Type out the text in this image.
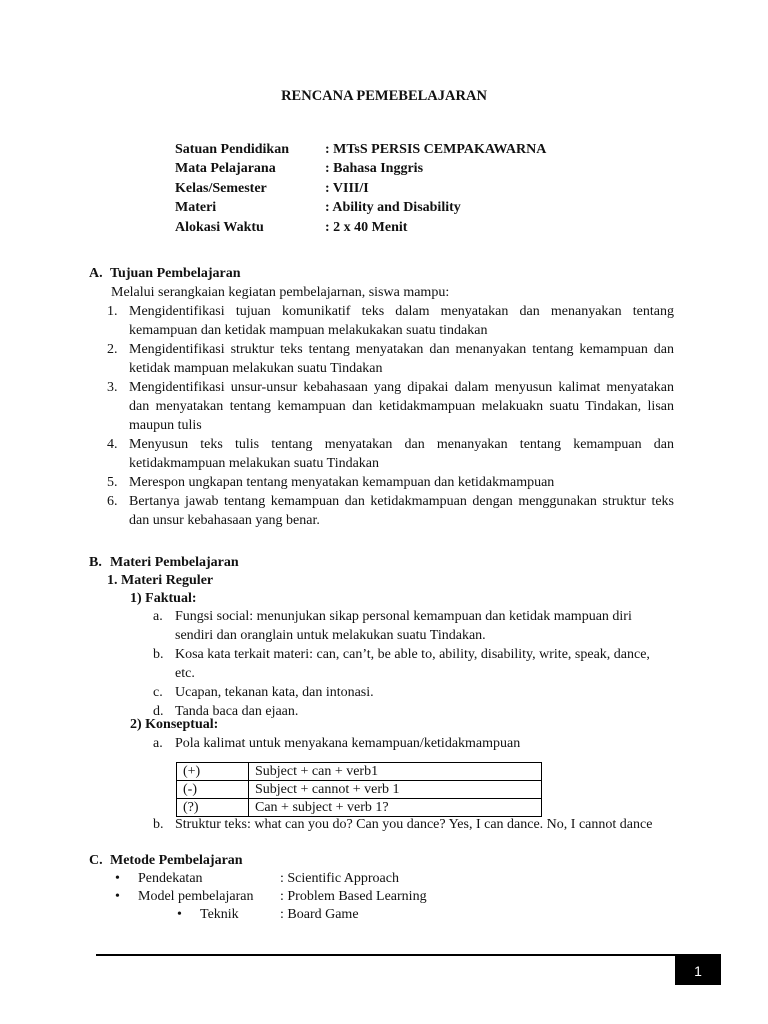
RENCANA PEMEBELAJARAN
Satuan Pendidikan	: MTsS PERSIS CEMPAKAWARNA
Mata Pelajarana	: Bahasa Inggris
Kelas/Semester	: VIII/I
Materi	: Ability and Disability
Alokasi Waktu	: 2 x 40 Menit
A. Tujuan Pembelajaran
Melalui serangkaian kegiatan pembelajarnan, siswa mampu:
1. Mengidentifikasi tujuan komunikatif teks dalam menyatakan dan menanyakan tentang kemampuan dan ketidak mampuan melakukakan suatu tindakan
2. Mengidentifikasi struktur teks tentang menyatakan dan menanyakan tentang kemampuan dan ketidak mampuan melakukan suatu Tindakan
3. Mengidentifikasi unsur-unsur kebahasaan yang dipakai dalam menyusun kalimat menyatakan dan menyatakan tentang kemampuan dan ketidakmampuan melakuakn suatu Tindakan, lisan maupun tulis
4. Menyusun teks tulis tentang menyatakan dan menanyakan tentang kemampuan dan ketidakmampuan melakukan suatu Tindakan
5. Merespon ungkapan tentang menyatakan kemampuan dan ketidakmampuan
6. Bertanya jawab tentang kemampuan dan ketidakmampuan dengan menggunakan struktur teks dan unsur kebahasaan yang benar.
B. Materi Pembelajaran
1. Materi Reguler
1) Faktual:
a. Fungsi social: menunjukan sikap personal kemampuan dan ketidak mampuan diri sendiri dan oranglain untuk melakukan suatu Tindakan.
b. Kosa kata terkait materi: can, can’t, be able to, ability, disability, write, speak, dance, etc.
c. Ucapan, tekanan kata, dan intonasi.
d. Tanda baca dan ejaan.
2) Konseptual:
a. Pola kalimat untuk menyakana kemampuan/ketidakmampuan
(+)	Subject + can + verb1
(-)	Subject + cannot + verb 1
(?)	Can + subject + verb 1?
b. Struktur teks: what can you do? Can you dance? Yes, I can dance. No, I cannot dance
C. Metode Pembelajaran
• Pendekatan	: Scientific Approach
• Model pembelajaran : Problem Based Learning
• Teknik	: Board Game
1
